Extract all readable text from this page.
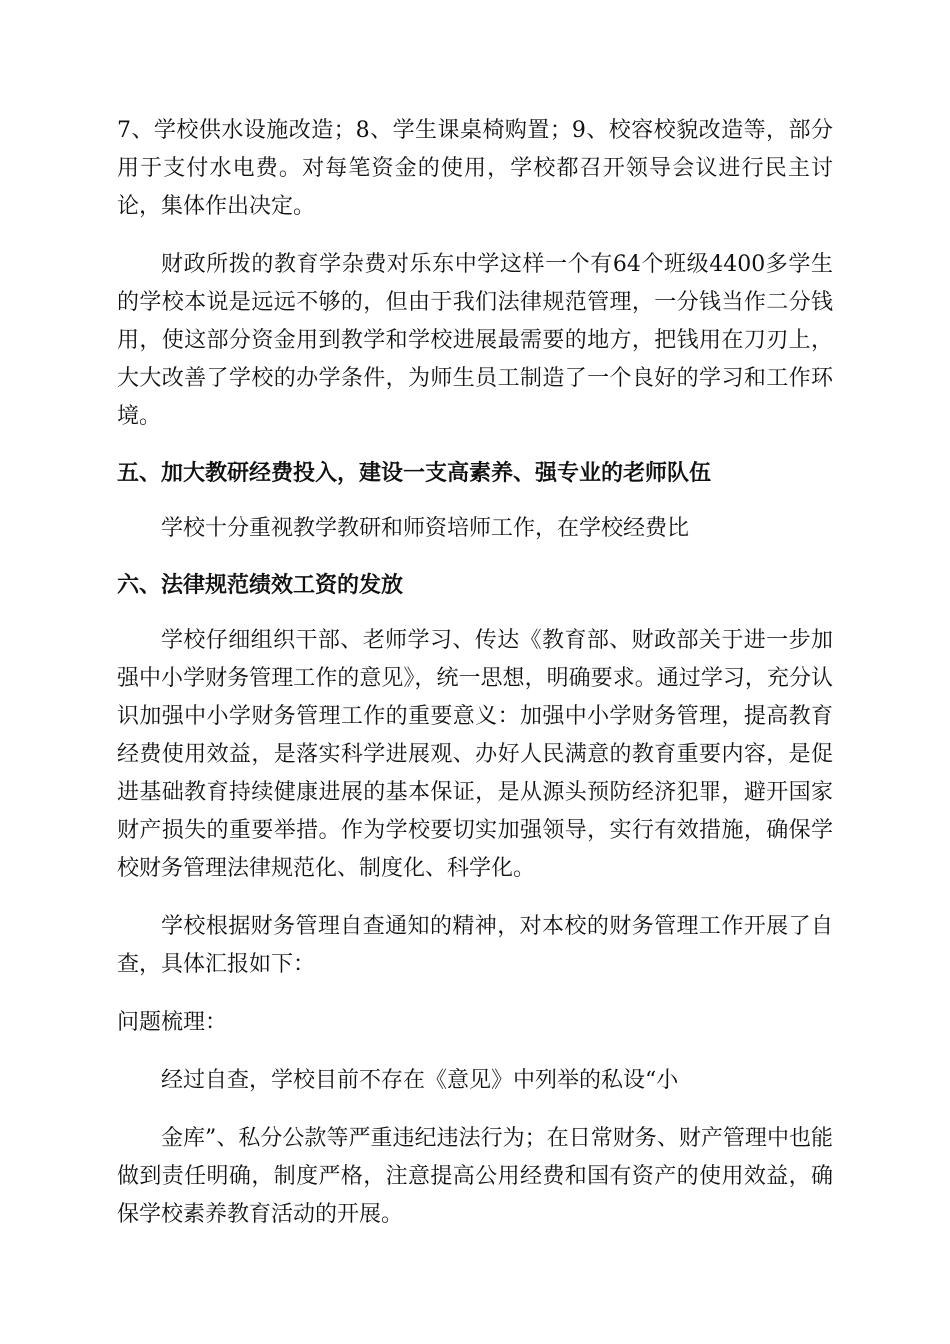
7、学校供水设施改造；8、学生课桌椅购置；9、校容校貌改造等，部分用于支付水电费。对每笔资金的使用，学校都召开领导会议进行民主讨论，集体作出决定。

财政所拨的教育学杂费对乐东中学这样一个有64个班级4400多学生的学校本说是远远不够的，但由于我们法律规范管理，一分钱当作二分钱用，使这部分资金用到教学和学校进展最需要的地方，把钱用在刀刃上，大大改善了学校的办学条件，为师生员工制造了一个良好的学习和工作环境。

五、加大教研经费投入，建设一支高素养、强专业的老师队伍

学校十分重视教学教研和师资培师工作，在学校经费比

六、法律规范绩效工资的发放

学校仔细组织干部、老师学习、传达《教育部、财政部关于进一步加强中小学财务管理工作的意见》，统一思想，明确要求。通过学习，充分认识加强中小学财务管理工作的重要意义：加强中小学财务管理，提高教育经费使用效益，是落实科学进展观、办好人民满意的教育重要内容，是促进基础教育持续健康进展的基本保证，是从源头预防经济犯罪，避开国家财产损失的重要举措。作为学校要切实加强领导，实行有效措施，确保学校财务管理法律规范化、制度化、科学化。

学校根据财务管理自查通知的精神，对本校的财务管理工作开展了自查，具体汇报如下：

问题梳理：

经过自查，学校目前不存在《意见》中列举的私设“小

金库”、私分公款等严重违纪违法行为；在日常财务、财产管理中也能做到责任明确，制度严格，注意提高公用经费和国有资产的使用效益，确保学校素养教育活动的开展。
